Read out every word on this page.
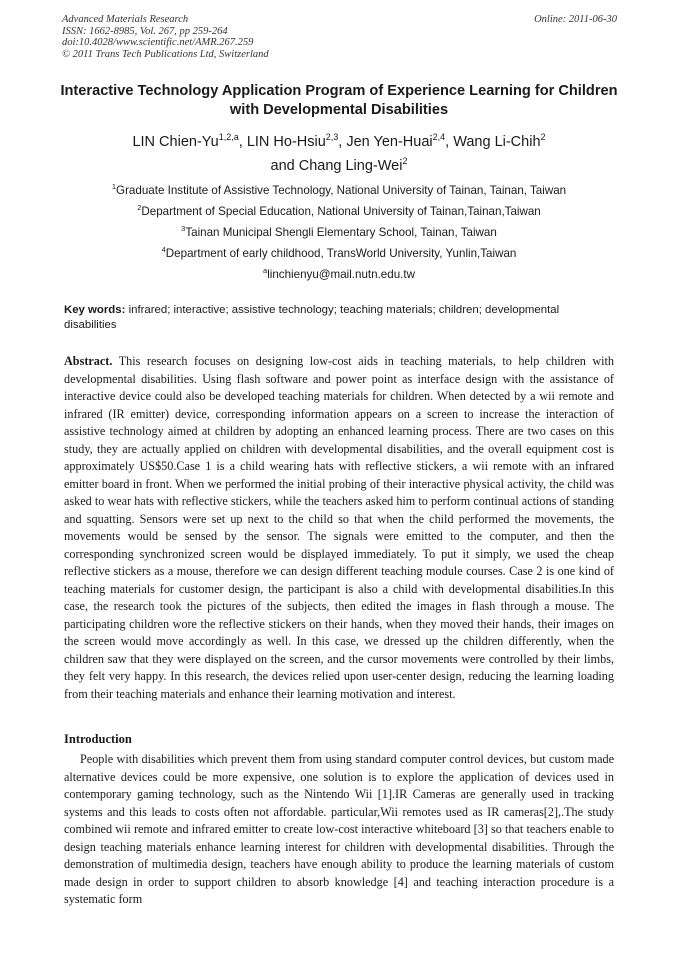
Advanced Materials Research
ISSN: 1662-8985, Vol. 267, pp 259-264
doi:10.4028/www.scientific.net/AMR.267.259
© 2011 Trans Tech Publications Ltd, Switzerland
Online: 2011-06-30
Interactive Technology Application Program of Experience Learning for Children with Developmental Disabilities
LIN Chien-Yu$^{1,2,a}$, LIN Ho-Hsiu$^{2,3}$, Jen Yen-Huai$^{2,4}$, Wang Li-Chih$^2$
and Chang Ling-Wei$^2$
$^1$Graduate Institute of Assistive Technology, National University of Tainan, Tainan, Taiwan
$^2$Department of Special Education, National University of Tainan,Tainan,Taiwan
$^3$Tainan Municipal Shengli Elementary School, Tainan, Taiwan
$^4$Department of early childhood, TransWorld University, Yunlin,Taiwan
$^a$linchienyu@mail.nutn.edu.tw
Key words: infrared; interactive; assistive technology; teaching materials; children; developmental disabilities
Abstract. This research focuses on designing low-cost aids in teaching materials, to help children with developmental disabilities. Using flash software and power point as interface design with the assistance of interactive device could also be developed teaching materials for children. When detected by a wii remote and infrared (IR emitter) device, corresponding information appears on a screen to increase the interaction of assistive technology aimed at children by adopting an enhanced learning process. There are two cases on this study, they are actually applied on children with developmental disabilities, and the overall equipment cost is approximately US$50.Case 1 is a child wearing hats with reflective stickers, a wii remote with an infrared emitter board in front. When we performed the initial probing of their interactive physical activity, the child was asked to wear hats with reflective stickers, while the teachers asked him to perform continual actions of standing and squatting. Sensors were set up next to the child so that when the child performed the movements, the movements would be sensed by the sensor. The signals were emitted to the computer, and then the corresponding synchronized screen would be displayed immediately. To put it simply, we used the cheap reflective stickers as a mouse, therefore we can design different teaching module courses. Case 2 is one kind of teaching materials for customer design, the participant is also a child with developmental disabilities.In this case, the research took the pictures of the subjects, then edited the images in flash through a mouse. The participating children wore the reflective stickers on their hands, when they moved their hands, their images on the screen would move accordingly as well. In this case, we dressed up the children differently, when the children saw that they were displayed on the screen, and the cursor movements were controlled by their limbs, they felt very happy. In this research, the devices relied upon user-center design, reducing the learning loading from their teaching materials and enhance their learning motivation and interest.
Introduction
People with disabilities which prevent them from using standard computer control devices, but custom made alternative devices could be more expensive, one solution is to explore the application of devices used in contemporary gaming technology, such as the Nintendo Wii [1].IR Cameras are generally used in tracking systems and this leads to costs often not affordable. particular,Wii remotes used as IR cameras[2],.The study combined wii remote and infrared emitter to create low-cost interactive whiteboard [3] so that teachers enable to design teaching materials enhance learning interest for children with developmental disabilities. Through the demonstration of multimedia design, teachers have enough ability to produce the learning materials of custom made design in order to support children to absorb knowledge [4] and teaching interaction procedure is a systematic form
